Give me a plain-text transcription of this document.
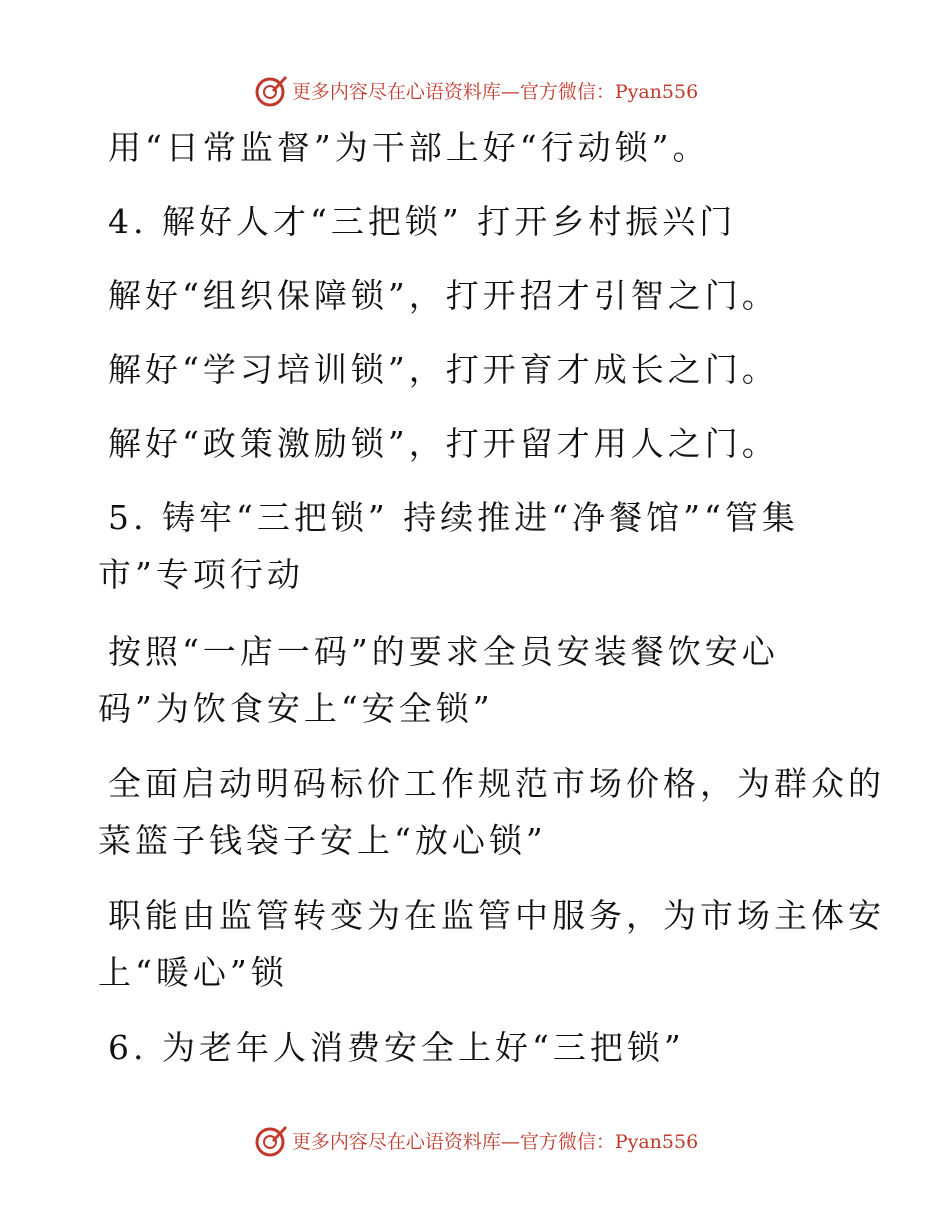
更多内容尽在心语资料库—官方微信：Pyan556
用“日常监督”为干部上好“行动锁”。
4. 解好人才“三把锁” 打开乡村振兴门
解好“组织保障锁”，打开招才引智之门。
解好“学习培训锁”，打开育才成长之门。
解好“政策激励锁”，打开留才用人之门。
5. 铸牢“三把锁” 持续推进“净餐馆”“管集
市”专项行动
按照“一店一码”的要求全员安装餐饮安心
码”为饮食安上“安全锁”
全面启动明码标价工作规范市场价格，为群众的
菜篮子钱袋子安上“放心锁”
职能由监管转变为在监管中服务，为市场主体安
上“暖心”锁
6. 为老年人消费安全上好“三把锁”
更多内容尽在心语资料库—官方微信：Pyan556
